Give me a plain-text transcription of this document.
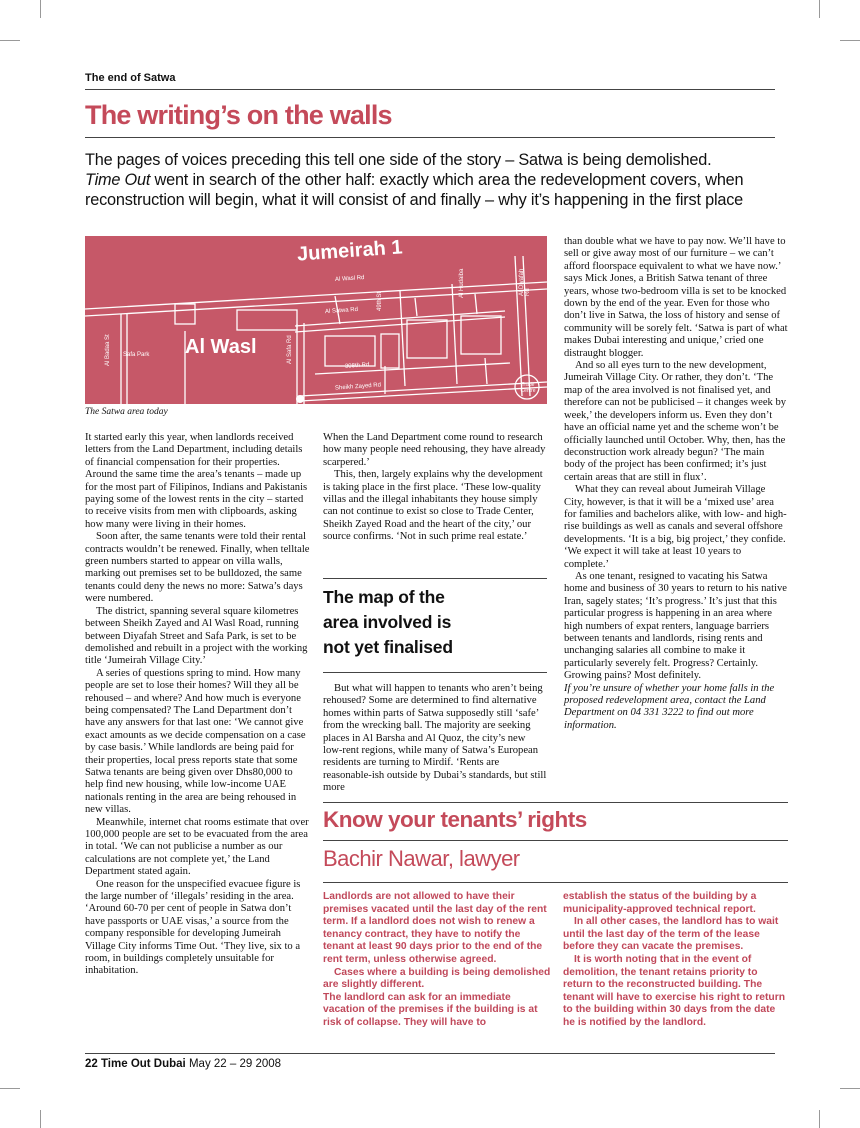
The end of Satwa
The writing’s on the walls
The pages of voices preceding this tell one side of the story – Satwa is being demolished.
Time Out went in search of the other half: exactly which area the redevelopment covers, when
reconstruction will begin, what it will consist of and finally – why it’s happening in the first place
Jumeirah 1
Al Wasl
Al Wasl Rd
Al Satwa Rd
Sheikh Zayed Rd
308th Rd
49th St
Al Hudaiba	Al Diyafah Rd
Al Badaa St	Al Safa Rd
Safa Park
Trade Centre
The Satwa area today

It started early this year, when landlords received letters from the Land Department, including details of financial compensation for their properties. Around the same time the area’s tenants – made up for the most part of Filipinos, Indians and Pakistanis paying some of the lowest rents in the city – started to receive visits from men with clipboards, asking how many were living in their homes.

Soon after, the same tenants were told their rental contracts wouldn’t be renewed. Finally, when telltale green numbers started to appear on villa walls, marking out premises set to be bulldozed, the same tenants could deny the news no more: Satwa’s days were numbered.

The district, spanning several square kilometres between Sheikh Zayed and Al Wasl Road, running between Diyafah Street and Safa Park, is set to be demolished and rebuilt in a project with the working title ‘Jumeirah Village City.’

A series of questions spring to mind. How many people are set to lose their homes? Will they all be rehoused – and where? And how much is everyone being compensated? The Land Department don’t have any answers for that last one: ‘We cannot give exact amounts as we decide compensation on a case by case basis.’ While landlords are being paid for their properties, local press reports state that some Satwa tenants are being given over Dhs80,000 to help find new housing, while low-income UAE nationals renting in the area are being rehoused in new villas.

Meanwhile, internet chat rooms estimate that over 100,000 people are set to be evacuated from the area in total. ‘We can not publicise a number as our calculations are not complete yet,’ the Land Department stated again.

One reason for the unspecified evacuee figure is the large number of ‘illegals’ residing in the area. ‘Around 60-70 per cent of people in Satwa don’t have passports or UAE visas,’ a source from the company responsible for developing Jumeirah Village City informs Time Out. ‘They live, six to a room, in buildings completely unsuitable for inhabitation.

When the Land Department come round to research how many people need rehousing, they have already scarpered.’

This, then, largely explains why the development is taking place in the first place. ‘These low-quality villas and the illegal inhabitants they house simply can not continue to exist so close to Trade Center, Sheikh Zayed Road and the heart of the city,’ our source confirms. ‘Not in such prime real estate.’

The map of the
area involved is
not yet finalised

But what will happen to tenants who aren’t being rehoused? Some are determined to find alternative homes within parts of Satwa supposedly still ‘safe’ from the wrecking ball. The majority are seeking places in Al Barsha and Al Quoz, the city’s new low-rent regions, while many of Satwa’s European residents are turning to Mirdif. ‘Rents are reasonable-ish outside by Dubai’s standards, but still more

than double what we have to pay now. We’ll have to sell or give away most of our furniture – we can’t afford floorspace equivalent to what we have now.’ says Mick Jones, a British Satwa tenant of three years, whose two-bedroom villa is set to be knocked down by the end of the year. Even for those who don’t live in Satwa, the loss of history and sense of community will be sorely felt. ‘Satwa is part of what makes Dubai interesting and unique,’ cried one distraught blogger.

And so all eyes turn to the new development, Jumeirah Village City. Or rather, they don’t. ‘The map of the area involved is not finalised yet, and therefore can not be publicised – it changes week by week,’ the developers inform us. Even they don’t have an official name yet and the scheme won’t be officially launched until October. Why, then, has the deconstruction work already begun? ‘The main body of the project has been confirmed; it’s just certain areas that are still in flux’.

What they can reveal about Jumeirah Village City, however, is that it will be a ‘mixed use’ area for families and bachelors alike, with low- and high-rise buildings as well as canals and several offshore developments. ‘It is a big, big project,’ they confide. ‘We expect it will take at least 10 years to complete.’

As one tenant, resigned to vacating his Satwa home and business of 30 years to return to his native Iran, sagely states; ‘It’s progress.’ It’s just that this particular progress is happening in an area where high numbers of expat renters, language barriers between tenants and landlords, rising rents and unchanging salaries all combine to make it particularly severely felt. Progress? Certainly. Growing pains? Most definitely.

If you’re unsure of whether your home falls in the proposed redevelopment area, contact the Land Department on 04 331 3222 to find out more information.

Know your tenants’ rights
Bachir Nawar, lawyer

Landlords are not allowed to have their premises vacated until the last day of the rent term. If a landlord does not wish to renew a tenancy contract, they have to notify the tenant at least 90 days prior to the end of the rent term, unless otherwise agreed.

Cases where a building is being demolished are slightly different.

The landlord can ask for an immediate vacation of the premises if the building is at risk of collapse. They will have to

establish the status of the building by a municipality-approved technical report.

In all other cases, the landlord has to wait until the last day of the term of the lease before they can vacate the premises.

It is worth noting that in the event of demolition, the tenant retains priority to return to the reconstructed building. The tenant will have to exercise his right to return to the building within 30 days from the date he is notified by the landlord.

22 Time Out Dubai May 22 – 29 2008
